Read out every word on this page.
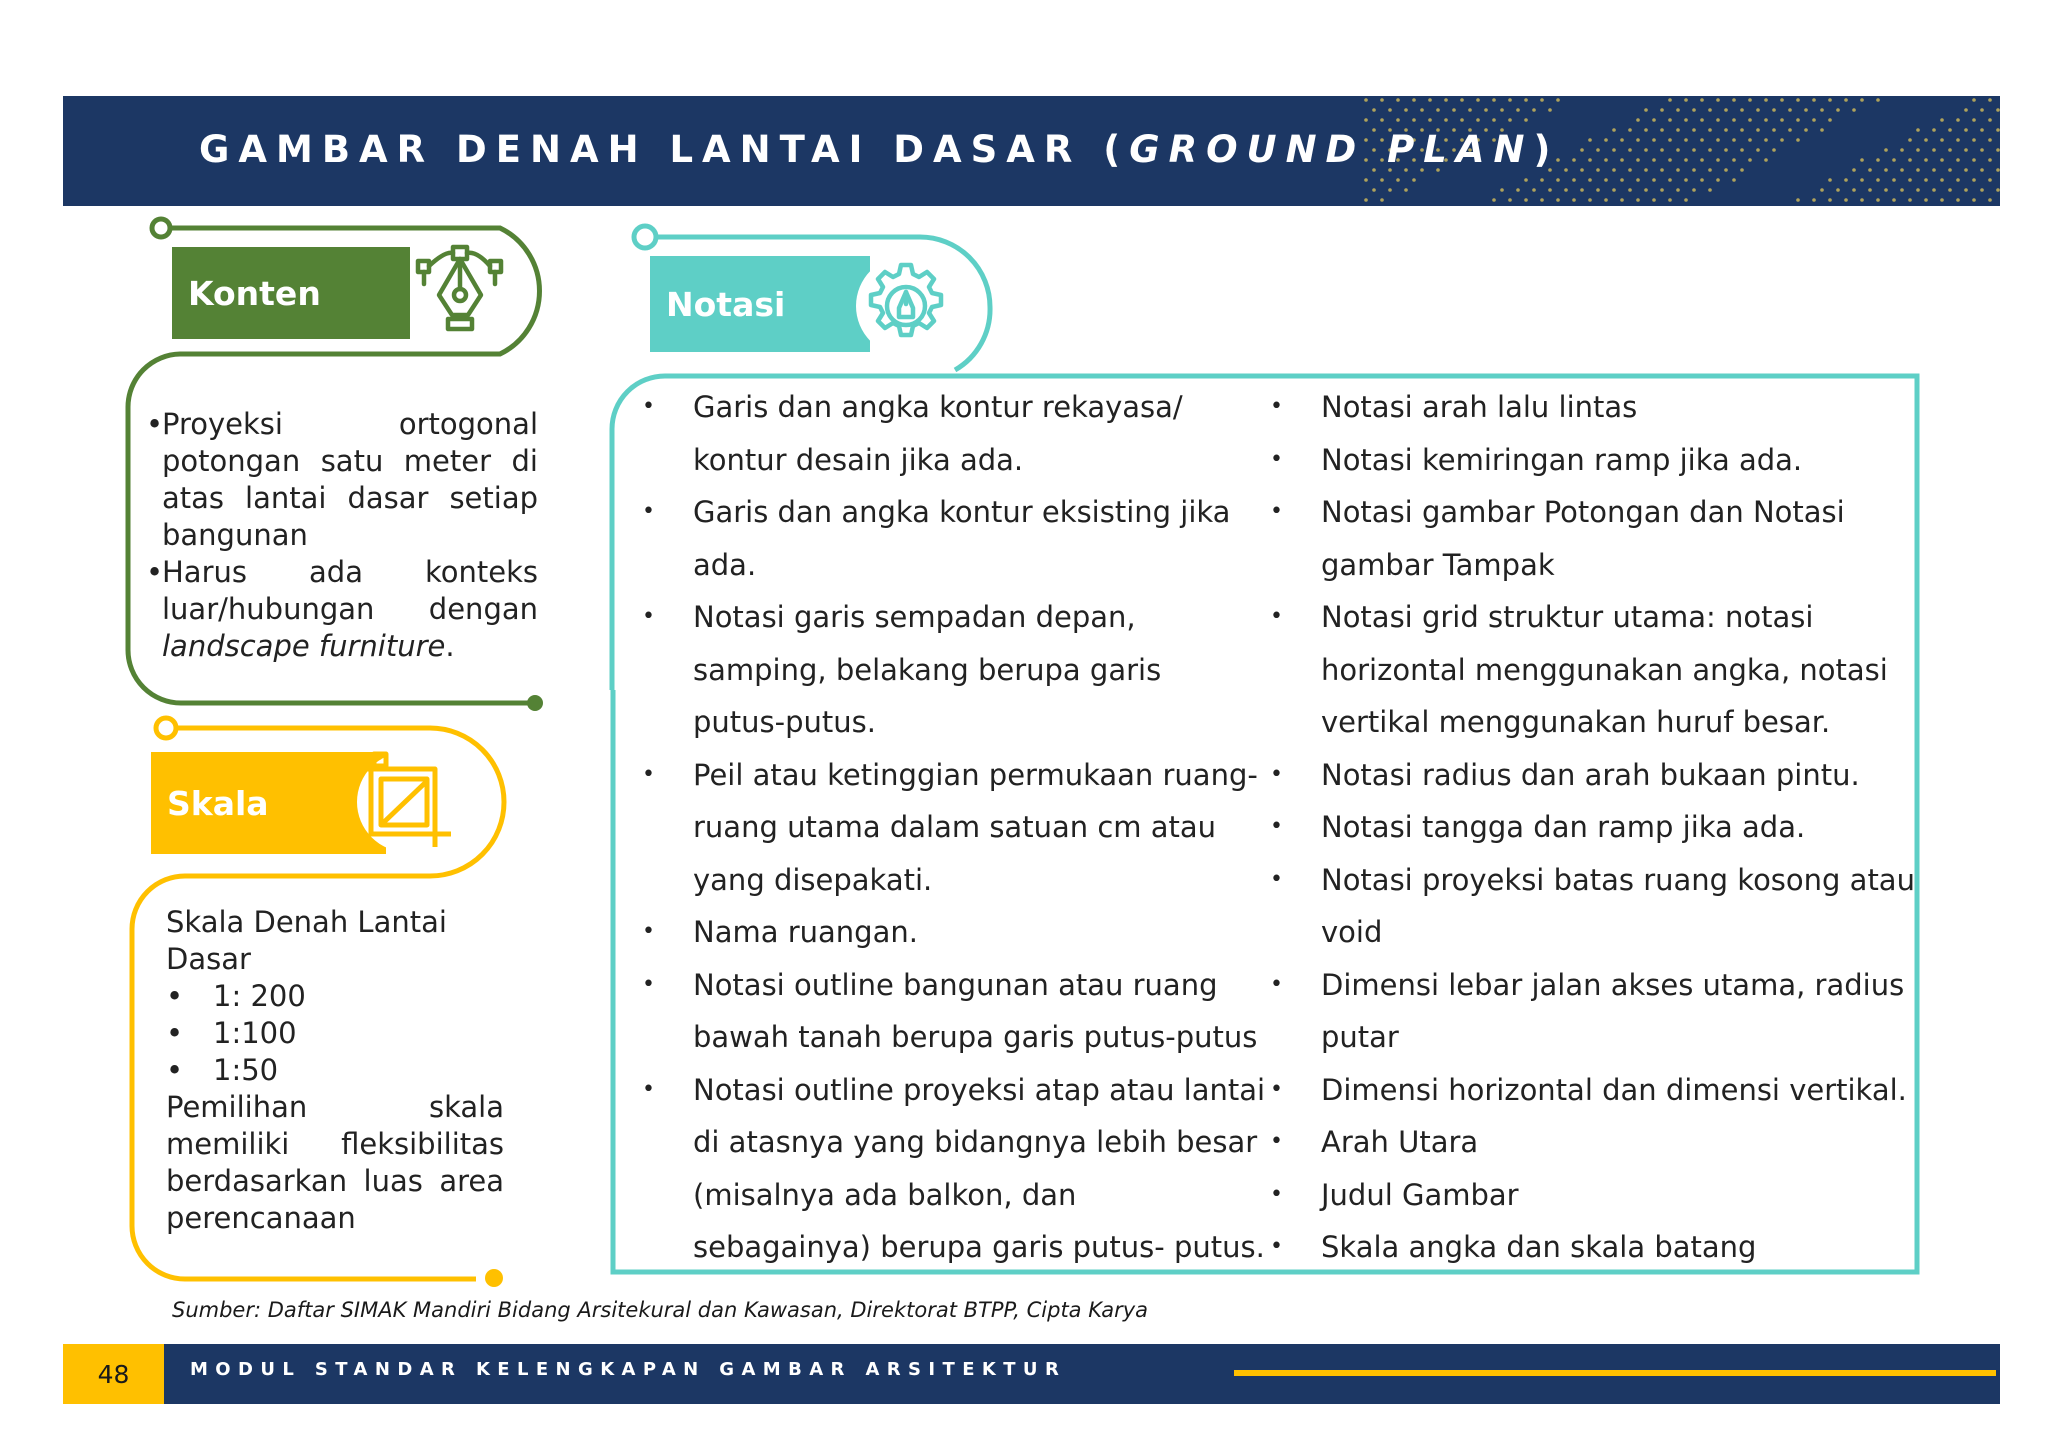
GAMBAR DENAH LANTAI DASAR (GROUND PLAN)
Konten
•
Proyeksi ortogonal
potongan satu meter di
atas lantai dasar setiap
bangunan
•
Harus ada konteks
luar/hubungan dengan
landscape furniture.
Skala
Skala Denah Lantai
Dasar
•	1: 200
•	1:100
•	1:50
Pemilihan skala
memiliki fleksibilitas
berdasarkan luas area
perencanaan
Notasi
• Garis dan angka kontur rekayasa/
kontur desain jika ada.
• Garis dan angka kontur eksisting jika
ada.
• Notasi garis sempadan depan,
samping, belakang berupa garis
putus-putus.
• Peil atau ketinggian permukaan ruang-
ruang utama dalam satuan cm atau
yang disepakati.
• Nama ruangan.
• Notasi outline bangunan atau ruang
bawah tanah berupa garis putus-putus
• Notasi outline proyeksi atap atau lantai
di atasnya yang bidangnya lebih besar
(misalnya ada balkon, dan
sebagainya) berupa garis putus- putus.
• Notasi arah lalu lintas
• Notasi kemiringan ramp jika ada.
• Notasi gambar Potongan dan Notasi
gambar Tampak
• Notasi grid struktur utama: notasi
horizontal menggunakan angka, notasi
vertikal menggunakan huruf besar.
• Notasi radius dan arah bukaan pintu.
• Notasi tangga dan ramp jika ada.
• Notasi proyeksi batas ruang kosong atau
void
• Dimensi lebar jalan akses utama, radius
putar
• Dimensi horizontal dan dimensi vertikal.
• Arah Utara
• Judul Gambar
• Skala angka dan skala batang
Sumber: Daftar SIMAK Mandiri Bidang Arsitekural dan Kawasan, Direktorat BTPP, Cipta Karya
48	MODUL STANDAR KELENGKAPAN GAMBAR ARSITEKTUR
